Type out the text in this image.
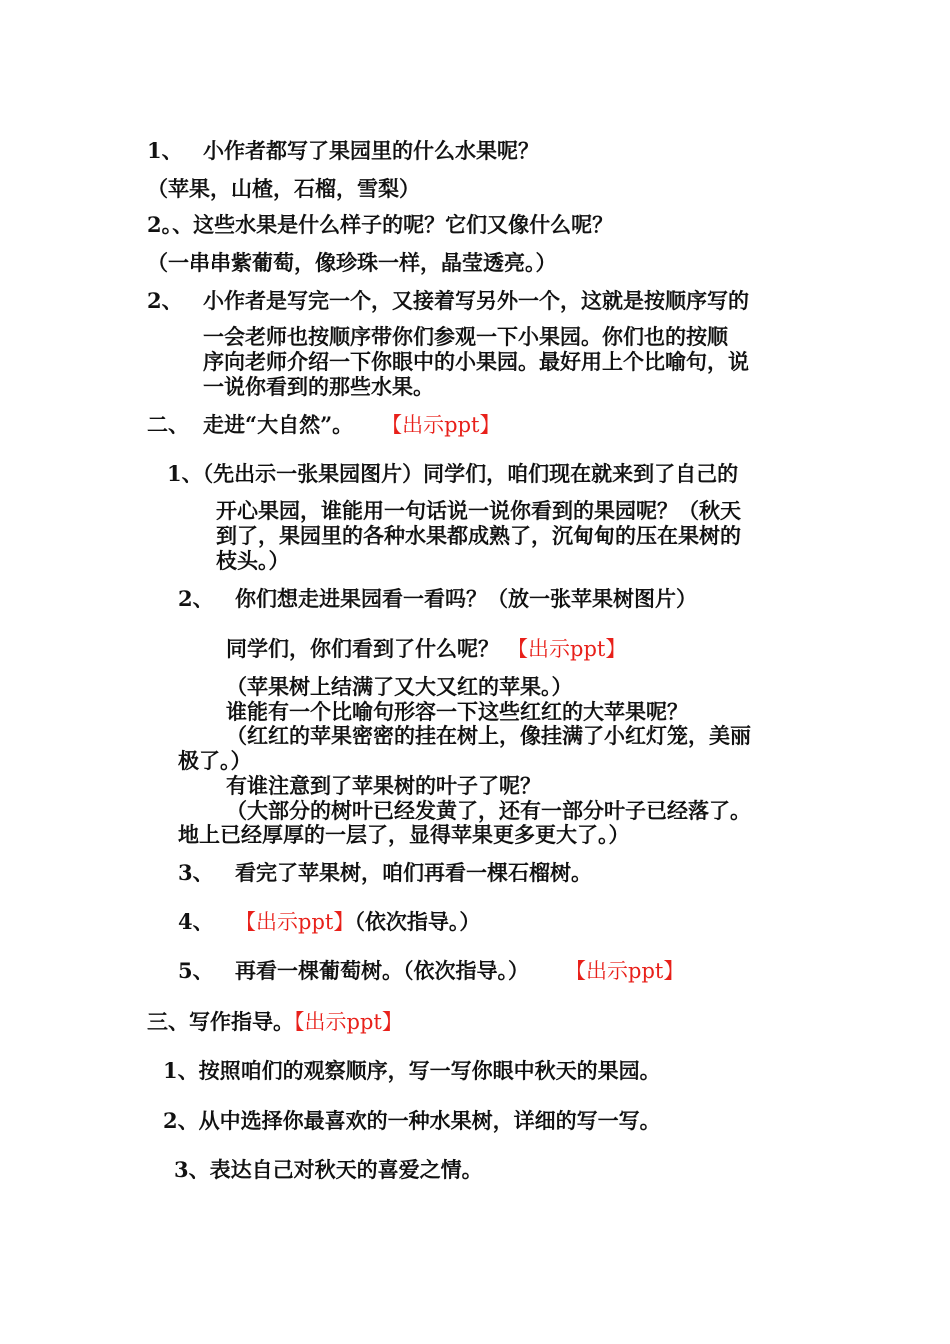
1、 小作者都写了果园里的什么水果呢？

（苹果，山楂，石榴，雪梨）

2。、这些水果是什么样子的呢？它们又像什么呢？

（一串串紫葡萄，像珍珠一样，晶莹透亮。）

2、 小作者是写完一个，又接着写另外一个，这就是按顺序写的

一会老师也按顺序带你们参观一下小果园。你们也的按顺

序向老师介绍一下你眼中的小果园。最好用上个比喻句，说

一说你看到的那些水果。

二、 走进“大自然”。 【出示ppt】

1、（先出示一张果园图片）同学们，咱们现在就来到了自己的

开心果园，谁能用一句话说一说你看到的果园呢？（秋天

到了，果园里的各种水果都成熟了，沉甸甸的压在果树的

枝头。）

2、 你们想走进果园看一看吗？（放一张苹果树图片）

同学们，你们看到了什么呢？ 【出示ppt】

（苹果树上结满了又大又红的苹果。）

谁能有一个比喻句形容一下这些红红的大苹果呢？

（红红的苹果密密的挂在树上，像挂满了小红灯笼，美丽

极了。）

有谁注意到了苹果树的叶子了呢？

（大部分的树叶已经发黄了，还有一部分叶子已经落了。

地上已经厚厚的一层了，显得苹果更多更大了。）

3、 看完了苹果树，咱们再看一棵石榴树。

4、 【出示ppt】（依次指导。）

5、 再看一棵葡萄树。（依次指导。） 【出示ppt】

三、写作指导。【出示ppt】

1、按照咱们的观察顺序，写一写你眼中秋天的果园。

2、从中选择你最喜欢的一种水果树，详细的写一写。

3、表达自己对秋天的喜爱之情。
